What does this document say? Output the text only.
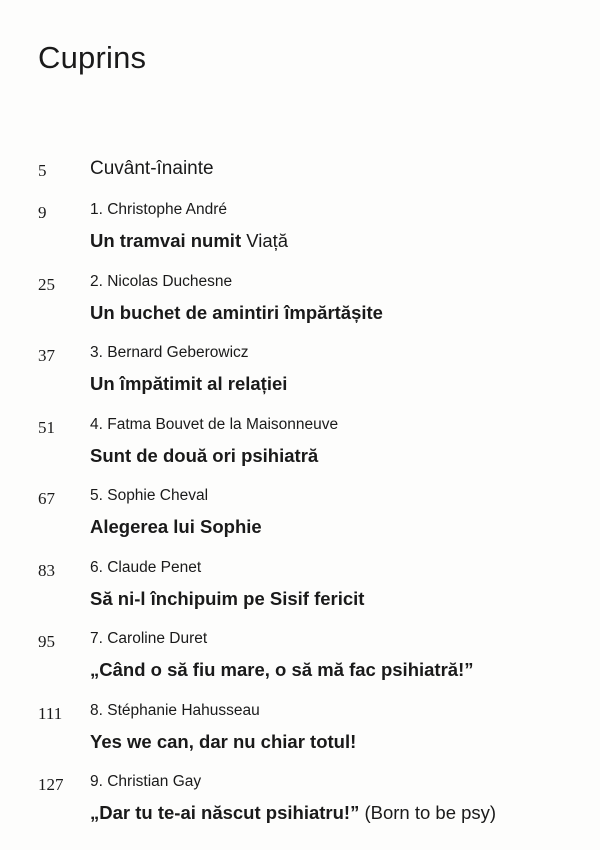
Cuprins
5 Cuvânt-înainte
9	1. Christophe André
Un tramvai numit Viață
25 2. Nicolas Duchesne
Un buchet de amintiri împărtășite
37 3. Bernard Geberowicz
Un împătimit al relației
51 4. Fatma Bouvet de la Maisonneuve
Sunt de două ori psihiatră
67 5. Sophie Cheval
Alegerea lui Sophie
83 6. Claude Penet
Să ni-l închipuim pe Sisif fericit
95 7. Caroline Duret
„Când o să fiu mare, o să mă fac psihiatră!”
111 8. Stéphanie Hahusseau
Yes we can, dar nu chiar totul!
127 9. Christian Gay
„Dar tu te-ai născut psihiatru!” (Born to be psy)
